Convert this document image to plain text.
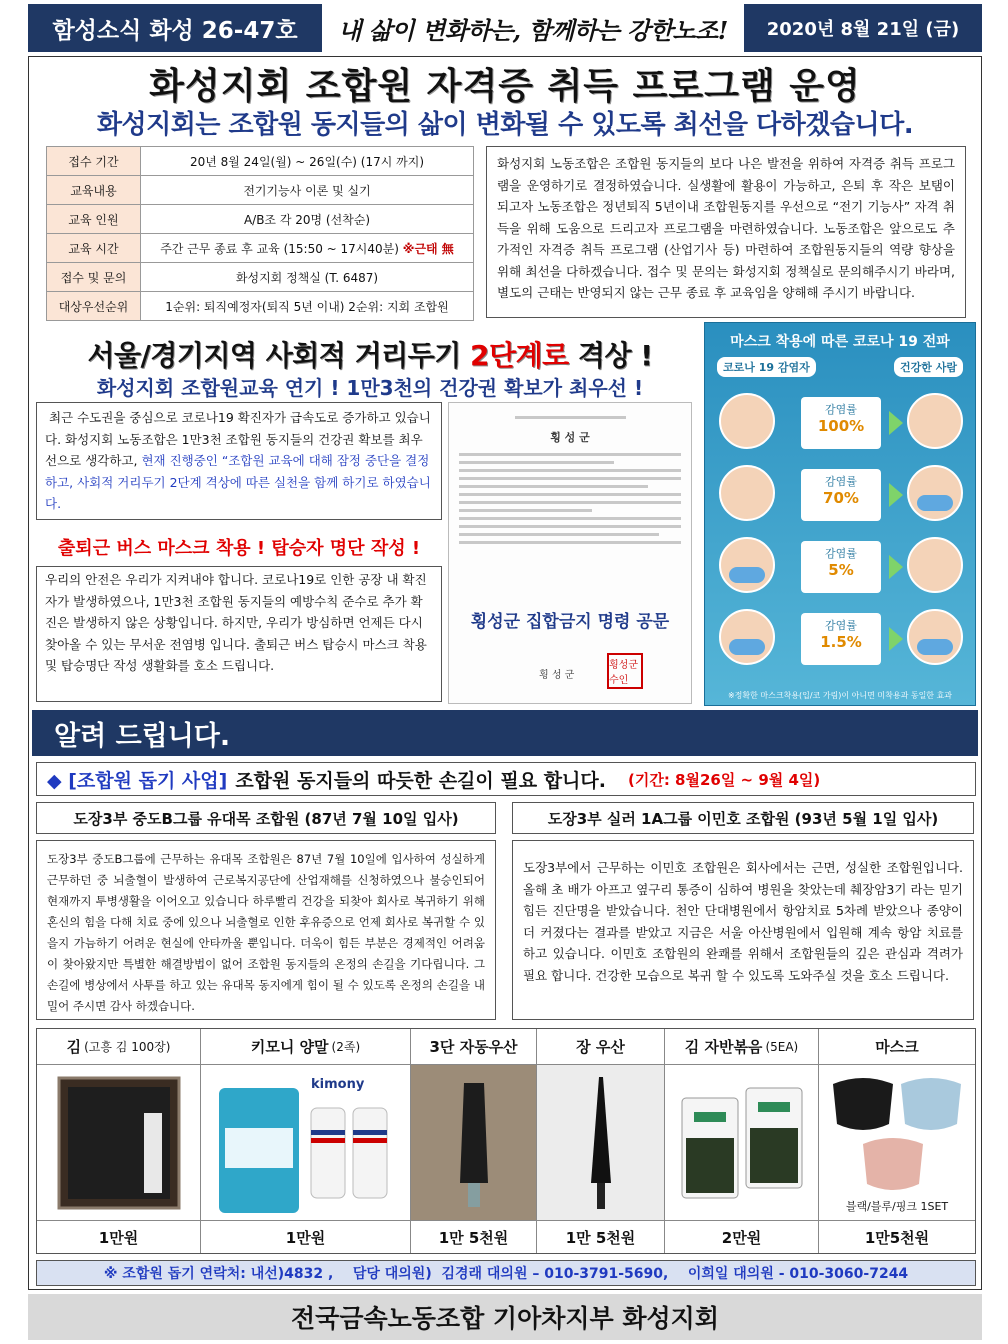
함성소식 화성 26-47호	내 삶이 변화하는, 함께하는 강한노조!	2020년 8월 21일 (금)
화성지회 조합원 자격증 취득 프로그램 운영
화성지회는 조합원 동지들의 삶이 변화될 수 있도록 최선을 다하겠습니다.
접수 기간	20년 8월 24일(월) ~ 26일(수) (17시 까지)
교육내용	전기기능사 이론 및 실기
교육 인원	A/B조 각 20명 (선착순)
교육 시간	주간 근무 종료 후 교육 (15:50 ~ 17시40분) ※근태 無
접수 및 문의	화성지회 정책실 (T. 6487)
대상우선순위	1순위: 퇴직예정자(퇴직 5년 이내) 2순위: 지회 조합원
화성지회 노동조합은 조합원 동지들의 보다 나은 발전을 위하여 자격증 취득 프로그램을 운영하기로 결정하였습니다. 실생활에 활용이 가능하고, 은퇴 후 작은 보탬이 되고자 노동조합은 정년퇴직 5년이내 조합원동지를 우선으로 “전기 기능사” 자격 취득을 위해 도움으로 드리고자 프로그램을 마련하였습니다. 노동조합은 앞으로도 추가적인 자격증 취득 프로그램 (산업기사 등) 마련하여 조합원동지들의 역량 향상을 위해 최선을 다하겠습니다. 접수 및 문의는 화성지회 정책실로 문의해주시기 바라며, 별도의 근태는 반영되지 않는 근무 종료 후 교육임을 양해해 주시기 바랍니다.
서울/경기지역 사회적 거리두기 2단계로 격상 !
화성지회 조합원교육 연기 ! 1만3천의 건강권 확보가 최우선 !
최근 수도권을 중심으로 코로나19 확진자가 급속도로 증가하고 있습니다. 화성지회 노동조합은 1만3천 조합원 동지들의 건강권 확보를 최우선으로 생각하고, 현재 진행중인 “조합원 교육에 대해 잠정 중단을 결정하고, 사회적 거리두기 2단계 격상에 따른 실천을 함께 하기로 하였습니다.
출퇴근 버스 마스크 착용 ! 탑승자 명단 작성 !
우리의 안전은 우리가 지켜내야 합니다. 코로나19로 인한 공장 내 확진자가 발생하였으나, 1만3천 조합원 동지들의 예방수칙 준수로 추가 확진은 발생하지 않은 상황입니다. 하지만, 우리가 방심하면 언제든 다시 찾아올 수 있는 무서운 전염병 입니다. 출퇴근 버스 탑승시 마스크 착용 및 탑승명단 작성 생활화를 호소 드립니다.
횡 성 군
횡성군 집합금지 명령 공문
횡 성 군
횡성군수인
마스크 착용에 따른 코로나 19 전파
코로나 19 감염자	건강한 사람
감염률
100%
감염률
70%
감염률
5%
감염률
1.5%
※정확한 마스크착용(입/코 가림)이 아니면 미착용과 동일한 효과
알려 드립니다.
◆ [조합원 돕기 사업] 조합원 동지들의 따듯한 손길이 필요 합니다. (기간: 8월26일 ~ 9월 4일)
도장3부 중도B그룹 유대목 조합원 (87년 7월 10일 입사)
도장3부 중도B그룹에 근무하는 유대목 조합원은 87년 7월 10일에 입사하여 성실하게 근무하던 중 뇌출혈이 발생하여 근로복지공단에 산업재해를 신청하였으나 불승인되어 현재까지 투병생활을 이어오고 있습니다 하루빨리 건강을 되찾아 회사로 복귀하기 위해 혼신의 힘을 다해 치료 중에 있으나 뇌출혈로 인한 후유증으로 언제 회사로 복귀할 수 있을지 가늠하기 어려운 현실에 안타까울 뿐입니다. 더욱이 힘든 부분은 경제적인 어려움이 찾아왔지만 특별한 해결방법이 없어 조합원 동지들의 온정의 손길을 기다립니다. 그 손길에 병상에서 사투를 하고 있는 유대목 동지에게 힘이 될 수 있도록 온정의 손길을 내밀어 주시면 감사 하겠습니다.
도장3부 실러 1A그룹 이민호 조합원 (93년 5월 1일 입사)
도장3부에서 근무하는 이민호 조합원은 회사에서는 근면, 성실한 조합원입니다. 올해 초 배가 아프고 옆구리 통증이 심하여 병원을 찾았는데 췌장암3기 라는 믿기 힘든 진단명을 받았습니다. 천안 단대병원에서 항암치료 5차례 받았으나 종양이 더 커졌다는 결과를 받았고 지금은 서울 아산병원에서 입원해 계속 항암 치료를 하고 있습니다. 이민호 조합원의 완쾌를 위해서 조합원들의 깊은 관심과 격려가 필요 합니다. 건강한 모습으로 복귀 할 수 있도록 도와주실 것을 호소 드립니다.
김 (고흥 김 100장)
1만원
키모니 양말 (2족)
kimony
1만원
3단 자동우산
1만 5천원
장 우산
1만 5천원
김 자반볶음 (5EA)
2만원
마스크
블랙/블루/핑크 1SET
1만5천원
※ 조합원 돕기 연락처: 내선)4832 ,    담당 대의원)  김경래 대의원 – 010-3791-5690,    이희일 대의원 - 010-3060-7244
전국금속노동조합 기아차지부 화성지회
